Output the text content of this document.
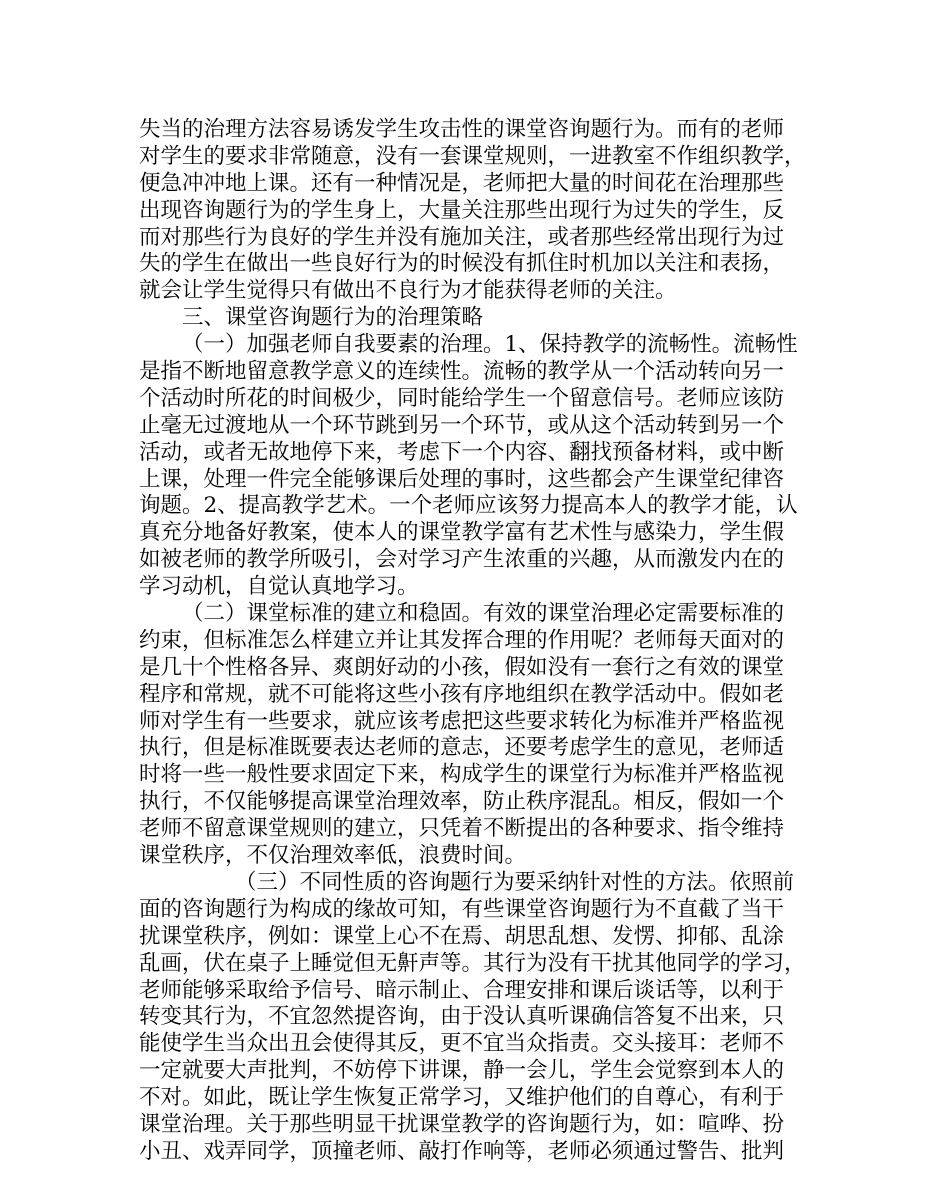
失当的治理方法容易诱发学生攻击性的课堂咨询题行为。而有的老师
对学生的要求非常随意，没有一套课堂规则，一进教室不作组织教学，
便急冲冲地上课。还有一种情况是，老师把大量的时间花在治理那些
出现咨询题行为的学生身上，大量关注那些出现行为过失的学生，反
而对那些行为良好的学生并没有施加关注，或者那些经常出现行为过
失的学生在做出一些良好行为的时候没有抓住时机加以关注和表扬，
就会让学生觉得只有做出不良行为才能获得老师的关注。
三、课堂咨询题行为的治理策略
（一）加强老师自我要素的治理。1、保持教学的流畅性。流畅性
是指不断地留意教学意义的连续性。流畅的教学从一个活动转向另一
个活动时所花的时间极少，同时能给学生一个留意信号。老师应该防
止毫无过渡地从一个环节跳到另一个环节，或从这个活动转到另一个
活动，或者无故地停下来，考虑下一个内容、翻找预备材料，或中断
上课，处理一件完全能够课后处理的事时，这些都会产生课堂纪律咨
询题。2、提高教学艺术。一个老师应该努力提高本人的教学才能，认
真充分地备好教案，使本人的课堂教学富有艺术性与感染力，学生假
如被老师的教学所吸引，会对学习产生浓重的兴趣，从而激发内在的
学习动机，自觉认真地学习。
（二）课堂标准的建立和稳固。有效的课堂治理必定需要标准的
约束，但标准怎么样建立并让其发挥合理的作用呢？老师每天面对的
是几十个性格各异、爽朗好动的小孩，假如没有一套行之有效的课堂
程序和常规，就不可能将这些小孩有序地组织在教学活动中。假如老
师对学生有一些要求，就应该考虑把这些要求转化为标准并严格监视
执行，但是标准既要表达老师的意志，还要考虑学生的意见，老师适
时将一些一般性要求固定下来，构成学生的课堂行为标准并严格监视
执行，不仅能够提高课堂治理效率，防止秩序混乱。相反，假如一个
老师不留意课堂规则的建立，只凭着不断提出的各种要求、指令维持
课堂秩序，不仅治理效率低，浪费时间。
（三）不同性质的咨询题行为要采纳针对性的方法。依照前
面的咨询题行为构成的缘故可知，有些课堂咨询题行为不直截了当干
扰课堂秩序，例如：课堂上心不在焉、胡思乱想、发愣、抑郁、乱涂
乱画，伏在桌子上睡觉但无鼾声等。其行为没有干扰其他同学的学习，
老师能够采取给予信号、暗示制止、合理安排和课后谈话等，以利于
转变其行为，不宜忽然提咨询，由于没认真听课确信答复不出来，只
能使学生当众出丑会使得其反，更不宜当众指责。交头接耳：老师不
一定就要大声批判，不妨停下讲课，静一会儿，学生会觉察到本人的
不对。如此，既让学生恢复正常学习，又维护他们的自尊心，有利于
课堂治理。关于那些明显干扰课堂教学的咨询题行为，如：喧哗、扮
小丑、戏弄同学，顶撞老师、敲打作响等，老师必须通过警告、批判
